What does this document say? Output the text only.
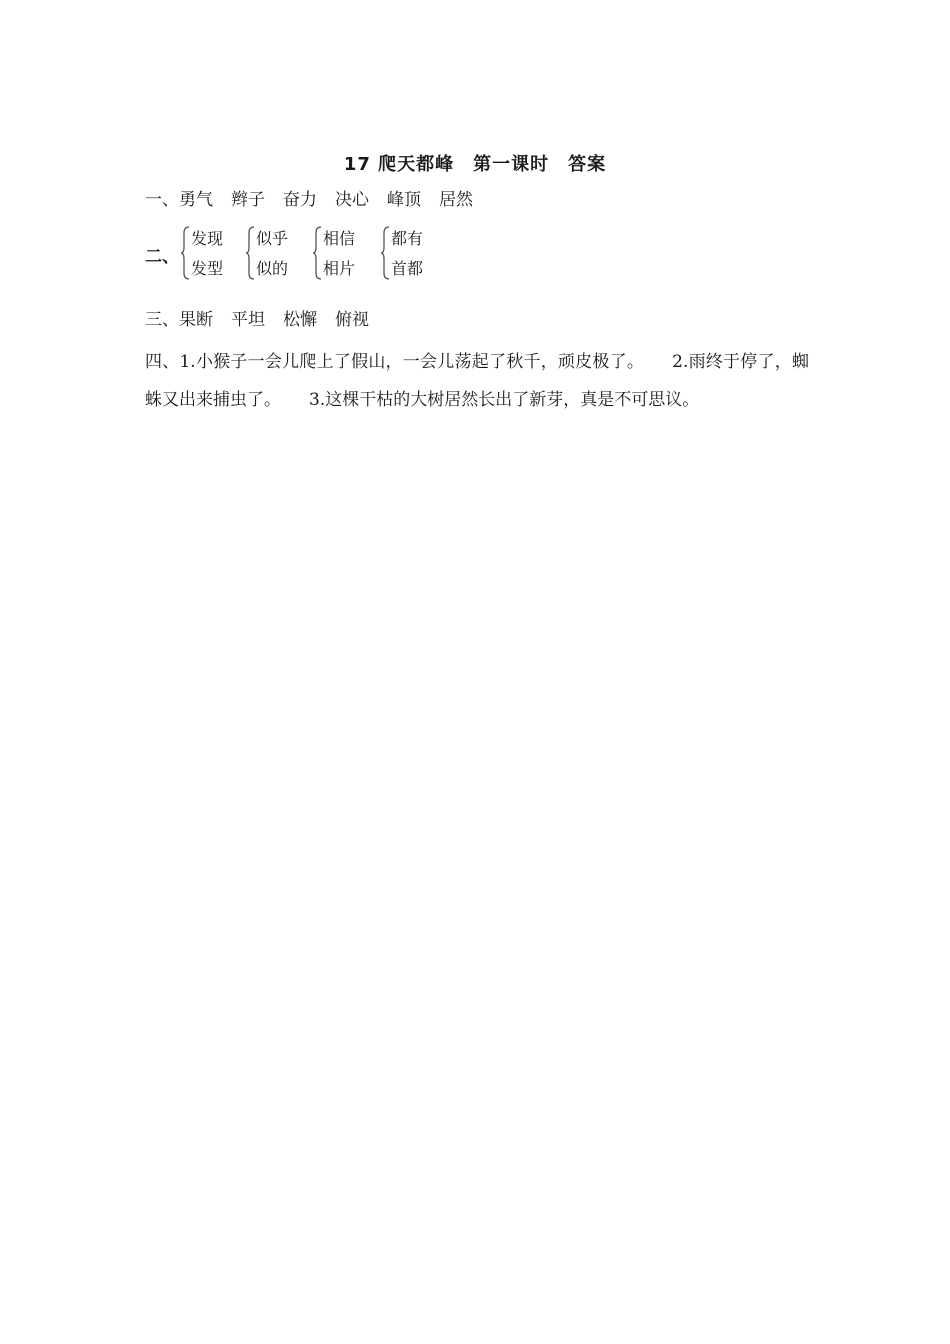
17 爬天都峰　第一课时　答案
一、勇气 辫子 奋力 决心 峰顶 居然
二、
发现
发型
似乎
似的
相信
相片
都有
首都
三、果断 平坦 松懈 俯视
四、1.小猴子一会儿爬上了假山，一会儿荡起了秋千，顽皮极了。 2.雨终于停了，蜘蛛又出来捕虫了。 3.这棵干枯的大树居然长出了新芽，真是不可思议。
